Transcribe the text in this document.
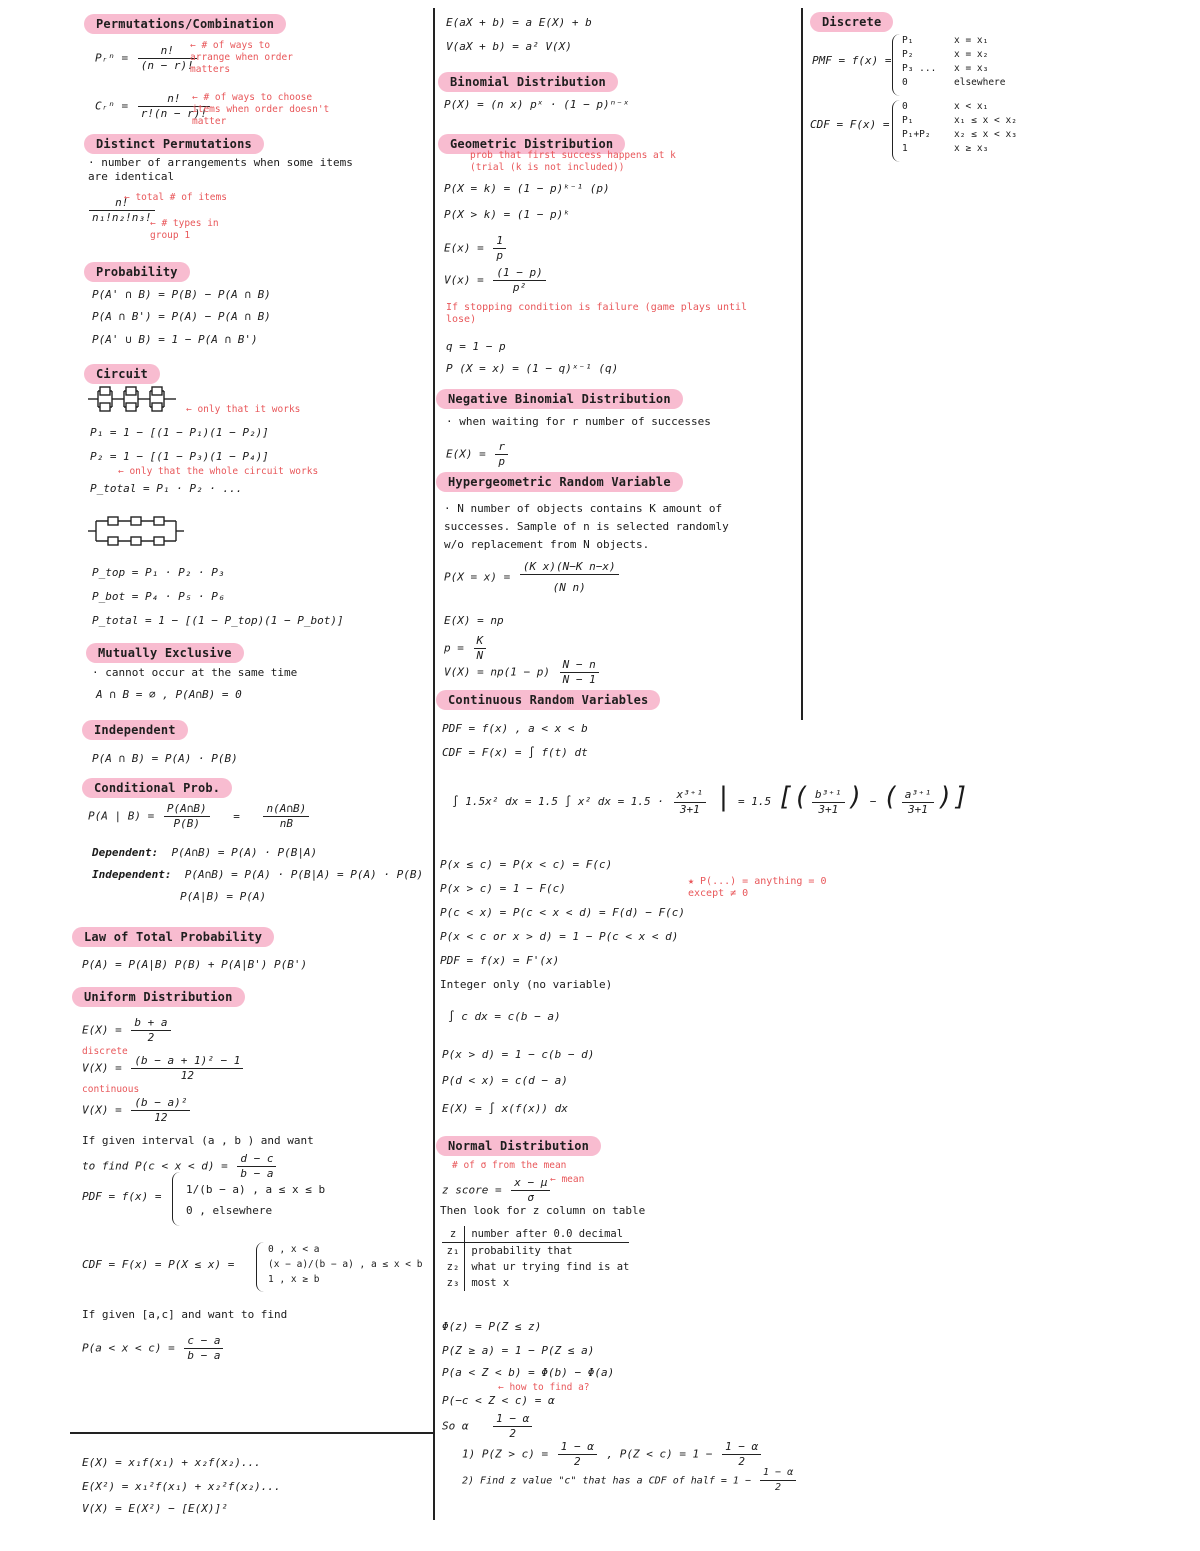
Permutations/Combination
Pᵣⁿ = $\frac{n!}{(n - r)!}$
← # of ways to
arrange when order
matters
Cᵣⁿ = $\frac{n!}{r!(n - r)!}$
← # of ways to choose
items when order doesn't
matter
Distinct Permutations
· number of arrangements when some items
are identical
$\frac{n!}{\text{n₁!n₂!n₃!}}$
← total # of items
← # types in
group 1
Probability
P(A' ∩ B) = P(B) − P(A ∩ B)
P(A ∩ B') = P(A) − P(A ∩ B)
P(A' ∪ B) = 1 − P(A ∩ B')
Circuit
← only that it works
P₁ = 1 − [(1 − P₁)(1 − P₂)]
P₂ = 1 − [(1 − P₃)(1 − P₄)]
← only that the whole circuit works
P_total = P₁ · P₂ · ...
P_top = P₁ · P₂ · P₃
P_bot = P₄ · P₅ · P₆
P_total = 1 − [(1 − P_top)(1 − P_bot)]
Mutually Exclusive
· cannot occur at the same time
A ∩ B = ∅ , P(A∩B) = 0
Independent
P(A ∩ B) = P(A) · P(B)
Conditional Prob.
P(A | $B) = \frac{P(A\cap B)}{P(B)} = \frac{n(A\cap B)}{nB}$
Dependent: P(A∩B) = P(A) · P(B|A)
Independent: P(A∩B) = P(A) · P(B|A) = P(A) · P(B)
P(A|B) = P(A)
Law of Total Probability
P(A) = P(A|B) P(B) + P(A|B') P(B')
Uniform Distribution
$E(X) = \frac{b + a}{2}$
discrete
$V(X) = \frac{\text{(b − a + 1)² − 1}}{12}$
continuous
$V(X) = \frac{\text{(b − a)²}}{12}$
If given interval (a , b ) and want
to find $P(c < x < d) = \frac{d - c}{b - a}$
PDF = f(x) =
1/(b − a) , a ≤ x ≤ b
0 , elsewhere
CDF = F(x) = P(X ≤ x) =
0 , x < a
(x − a)/(b − a) , a ≤ x < b
1 , x ≥ b
If given [a,c] and want to find
$P(a < x < c) = \frac{c - a}{b - a}$
E(X) = x₁f(x₁) + x₂f(x₂)...
E(X²) = x₁²f(x₁) + x₂²f(x₂)...
V(X) = E(X²) − [E(X)]²
E(aX + b) = a E(X) + b
V(aX + b) = a² V(X)
Binomial Distribution
P(X) = (n x) pˣ · (1 − p)ⁿ⁻ˣ
Geometric Distribution
prob that first success happens at k
(trial (k is not included))
P(X = k) = (1 − p)ᵏ⁻¹ (p)
P(X > k) = (1 − p)ᵏ
$E(x) = \frac{1}{p}$
$V(x) = \frac{(1 - p)}{\text{p²}}$
If stopping condition is failure (game plays until
lose)
q = 1 − p
P (X = x) = (1 − q)ˣ⁻¹ (q)
Negative Binomial Distribution
· when waiting for r number of successes
$E(X) = \frac{r}{p}$
Hypergeometric Random Variable
· N number of objects contains K amount of
successes. Sample of n is selected randomly
w/o replacement from N objects.
$P(X = x) = \frac{\text{(K x)(N−K n−x)}}{\text{(N n)}}$
E(X) = np
$p = \frac{K}{N}$
$V(X) = np(1 - p) \frac{N - n}{N - 1}$
Continuous Random Variables
PDF = f(x) , a < x < b
CDF = F(x) = ∫ f(t) dt
∫ 1.5x² dx = 1.5 ∫ x² dx = $1.5 \cdot \frac{\text{x³⁺¹}}{3+1}$ | = 1.5 [( $\frac{\text{b³⁺¹}}{3+1}$ ) − ( $\frac{\text{a³⁺¹}}{3+1}$ )]
P(x ≤ c) = P(x < c) = F(c)
P(x > c) = 1 − F(c)
P(c < x) = P(c < x < d) = F(d) − F(c)
P(x < c or x > d) = 1 − P(c < x < d)
★ P(...) = anything = 0
except ≠ 0
PDF = f(x) = F'(x)
Integer only (no variable)
∫ c dx = c(b − a)
P(x > d) = 1 − c(b − d)
P(d < x) = c(d − a)
E(X) = ∫ x(f(x)) dx
Normal Distribution
# of σ from the mean
z score = $\frac{x - \mu}{\sigma}$ ← mean
Then look for z column on table
z number after 0.0 decimal
z₁ probability that
z₂ what ur trying find is at
z₃ most x
Φ(z) = P(Z ≤ z)
P(Z ≥ a) = 1 − P(Z ≤ a)
P(a < Z < b) = Φ(b) − Φ(a)
← how to find a?
P(−c < Z < c) = α
So α $\frac{1 - \alpha}{2}$
1) $P(Z > c) = \frac{1 - \alpha}{2}$ , $P(Z < c) = 1 - \frac{1 - \alpha}{2}$
2) Find z value "c" that has a CDF of half = $1 - \frac{1 - \alpha}{2}$
Discrete
PMF = f(x) =
P₁	x = x₁
P₂	x = x₂
P₃ ... x = x₃
0	elsewhere
CDF = F(x) =
0	x < x₁
P₁	x₁ ≤ x < x₂
P₁+P₂ x₂ ≤ x < x₃
1	x ≥ x₃
